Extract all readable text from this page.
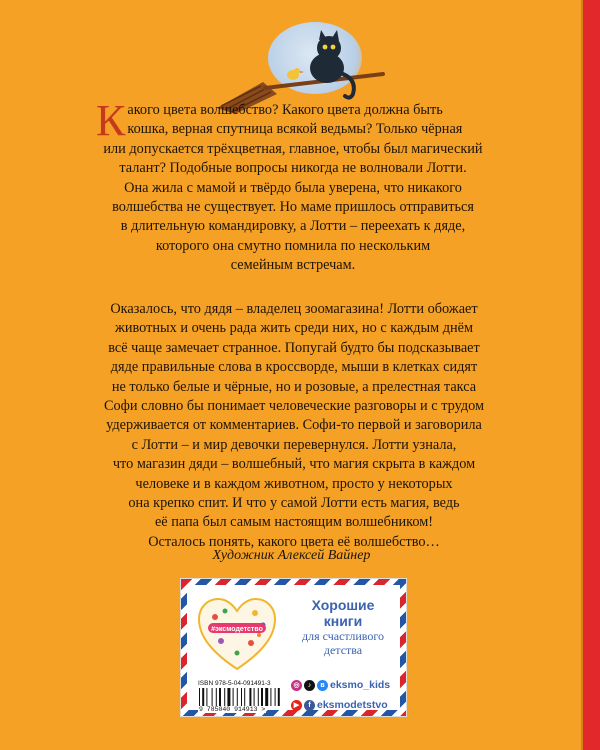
К акого цвета волшебство? Какого цвета должна быть
кошка, верная спутница всякой ведьмы? Только чёрная
или допускается трёхцветная, главное, чтобы был магический
талант? Подобные вопросы никогда не волновали Лотти.
Она жила с мамой и твёрдо была уверена, что никакого
волшебства не существует. Но маме пришлось отправиться
в длительную командировку, а Лотти – переехать к дяде,
которого она смутно помнила по нескольким
семейным встречам.
Оказалось, что дядя – владелец зоомагазина! Лотти обожает
животных и очень рада жить среди них, но с каждым днём
всё чаще замечает странное. Попугай будто бы подсказывает
дяде правильные слова в кроссворде, мыши в клетках сидят
не только белые и чёрные, но и розовые, а прелестная такса
Софи словно бы понимает человеческие разговоры и с трудом
удерживается от комментариев. Софи-то первой и заговорила
с Лотти – и мир девочки перевернулся. Лотти узнала,
что магазин дяди – волшебный, что магия скрыта в каждом
человеке и в каждом животном, просто у некоторых
она крепко спит. И что у самой Лотти есть магия, ведь
её папа был самым настоящим волшебником!
Осталось понять, какого цвета её волшебство…
Художник Алексей Вайнер
#эксмодетство
Хорошие
книги
для счастливого
детства
ISBN 978-5-04-091491-3
9 785040 914913 >
◎	♪	в eksmo_kids
▶	f eksmodetstvo
